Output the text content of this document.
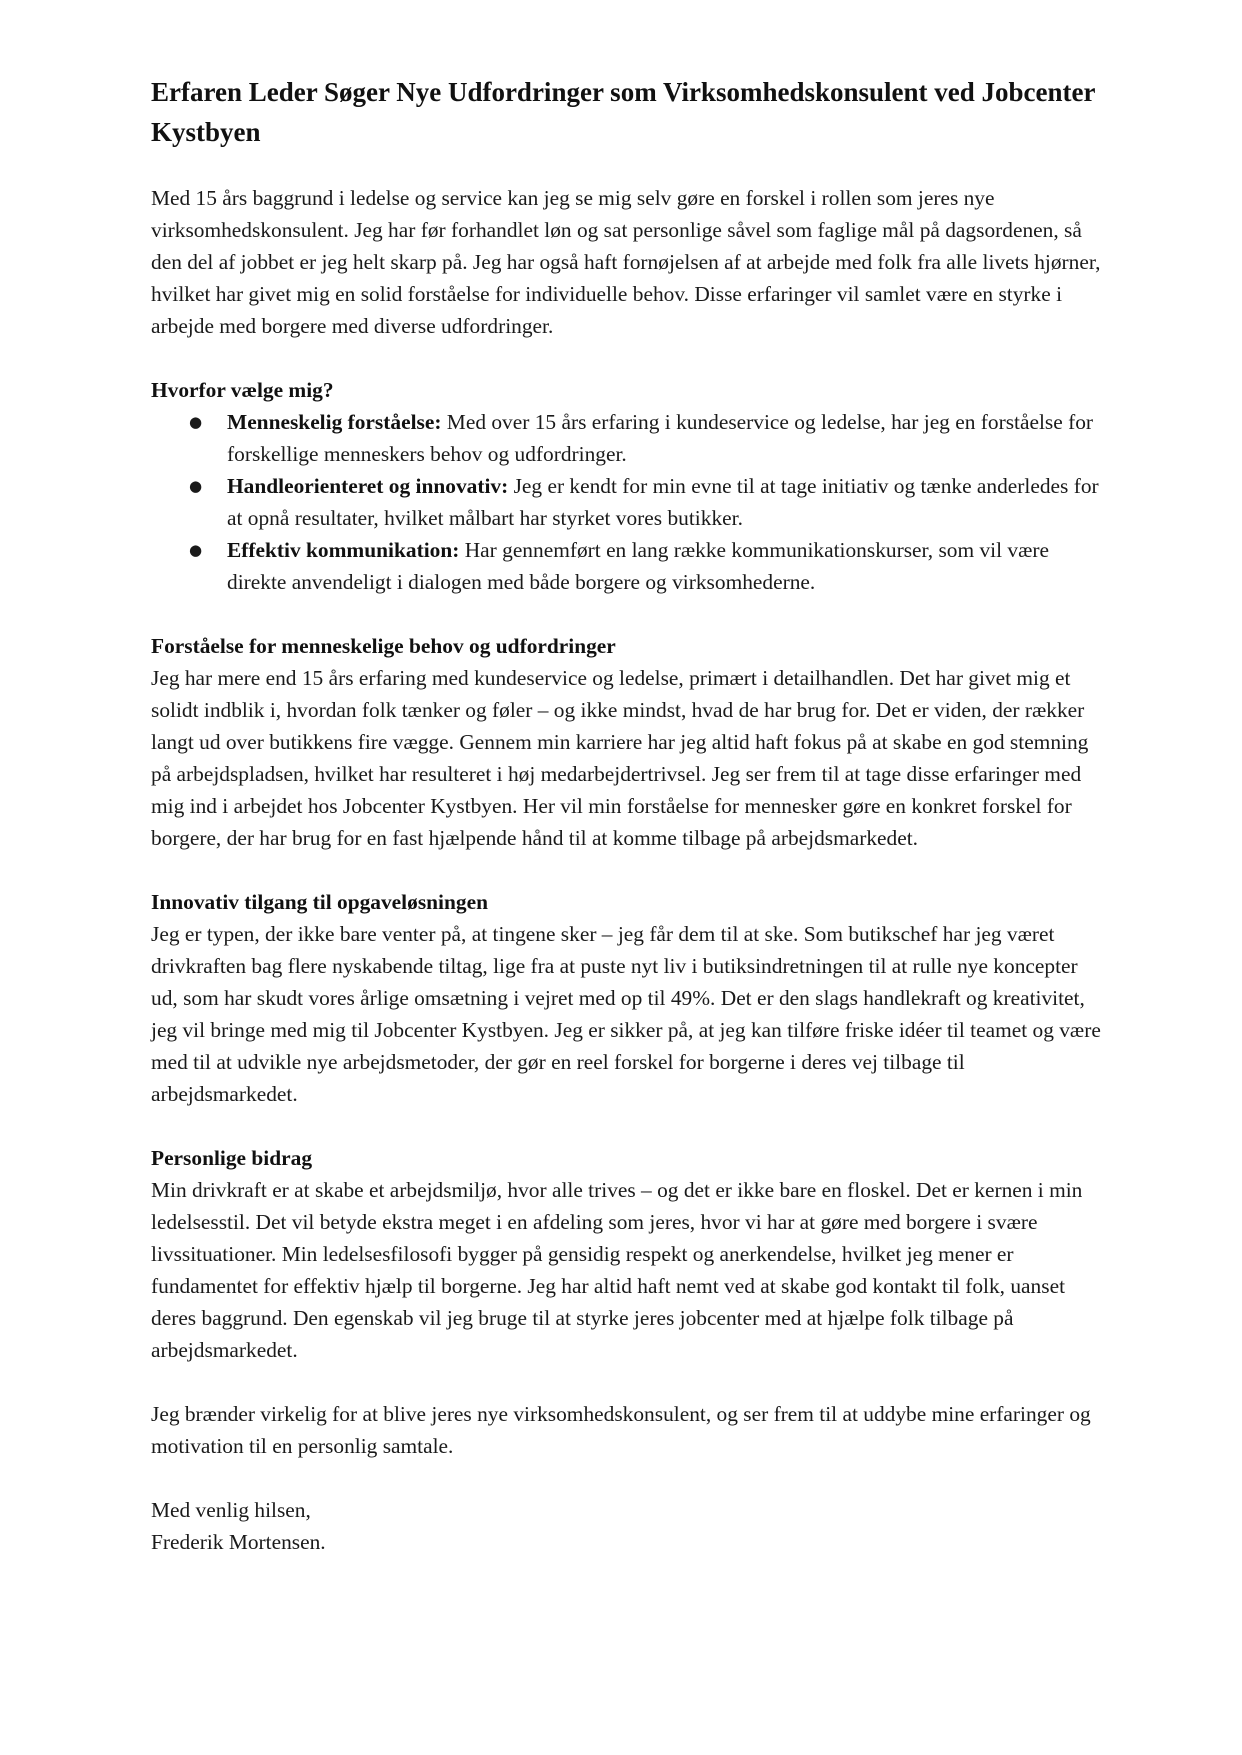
Erfaren Leder Søger Nye Udfordringer som Virksomhedskonsulent ved Jobcenter Kystbyen

Med 15 års baggrund i ledelse og service kan jeg se mig selv gøre en forskel i rollen som jeres nye virksomhedskonsulent. Jeg har før forhandlet løn og sat personlige såvel som faglige mål på dagsordenen, så den del af jobbet er jeg helt skarp på. Jeg har også haft fornøjelsen af at arbejde med folk fra alle livets hjørner, hvilket har givet mig en solid forståelse for individuelle behov. Disse erfaringer vil samlet være en styrke i arbejde med borgere med diverse udfordringer.

Hvorfor vælge mig?
● Menneskelig forståelse: Med over 15 års erfaring i kundeservice og ledelse, har jeg en forståelse for forskellige menneskers behov og udfordringer.
● Handleorienteret og innovativ: Jeg er kendt for min evne til at tage initiativ og tænke anderledes for at opnå resultater, hvilket målbart har styrket vores butikker.
● Effektiv kommunikation: Har gennemført en lang række kommunikationskurser, som vil være direkte anvendeligt i dialogen med både borgere og virksomhederne.
Forståelse for menneskelige behov og udfordringer

Jeg har mere end 15 års erfaring med kundeservice og ledelse, primært i detailhandlen. Det har givet mig et solidt indblik i, hvordan folk tænker og føler – og ikke mindst, hvad de har brug for. Det er viden, der rækker langt ud over butikkens fire vægge. Gennem min karriere har jeg altid haft fokus på at skabe en god stemning på arbejdspladsen, hvilket har resulteret i høj medarbejdertrivsel. Jeg ser frem til at tage disse erfaringer med mig ind i arbejdet hos Jobcenter Kystbyen. Her vil min forståelse for mennesker gøre en konkret forskel for borgere, der har brug for en fast hjælpende hånd til at komme tilbage på arbejdsmarkedet.

Innovativ tilgang til opgaveløsningen

Jeg er typen, der ikke bare venter på, at tingene sker – jeg får dem til at ske. Som butikschef har jeg været drivkraften bag flere nyskabende tiltag, lige fra at puste nyt liv i butiksindretningen til at rulle nye koncepter ud, som har skudt vores årlige omsætning i vejret med op til 49%. Det er den slags handlekraft og kreativitet, jeg vil bringe med mig til Jobcenter Kystbyen. Jeg er sikker på, at jeg kan tilføre friske idéer til teamet og være med til at udvikle nye arbejdsmetoder, der gør en reel forskel for borgerne i deres vej tilbage til arbejdsmarkedet.

Personlige bidrag

Min drivkraft er at skabe et arbejdsmiljø, hvor alle trives – og det er ikke bare en floskel. Det er kernen i min ledelsesstil. Det vil betyde ekstra meget i en afdeling som jeres, hvor vi har at gøre med borgere i svære livssituationer. Min ledelsesfilosofi bygger på gensidig respekt og anerkendelse, hvilket jeg mener er fundamentet for effektiv hjælp til borgerne. Jeg har altid haft nemt ved at skabe god kontakt til folk, uanset deres baggrund. Den egenskab vil jeg bruge til at styrke jeres jobcenter med at hjælpe folk tilbage på arbejdsmarkedet.

Jeg brænder virkelig for at blive jeres nye virksomhedskonsulent, og ser frem til at uddybe mine erfaringer og motivation til en personlig samtale.

Med venlig hilsen,

Frederik Mortensen.
